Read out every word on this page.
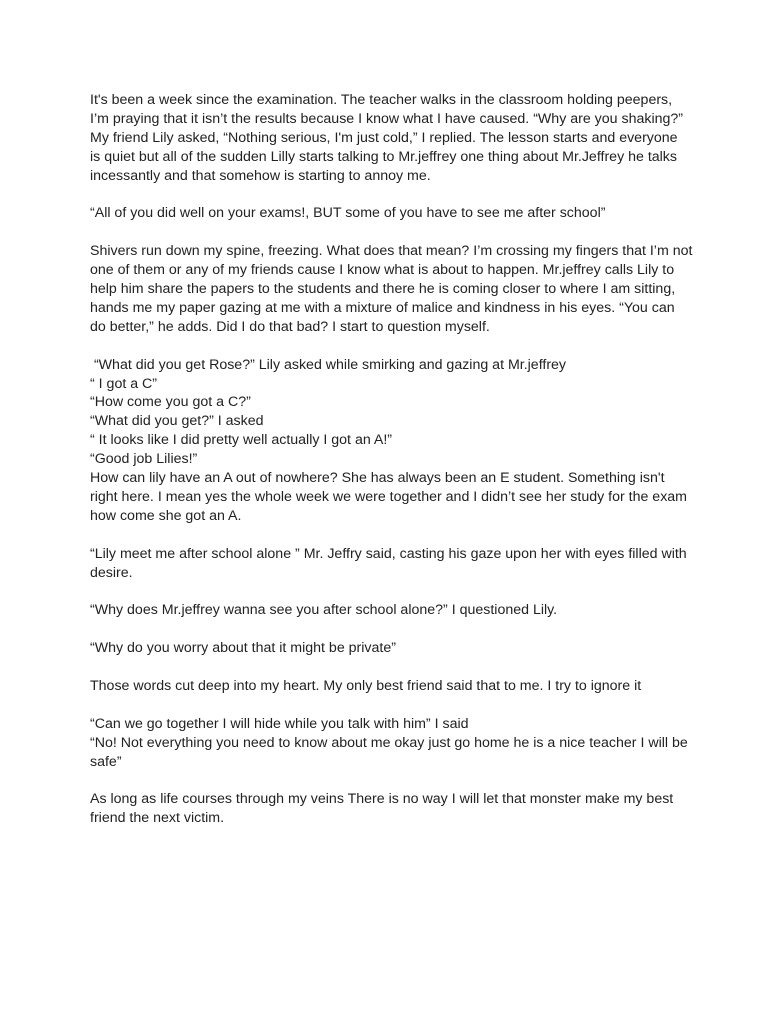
It's been a week since the examination. The teacher walks in the classroom holding peepers,
I’m praying that it isn’t the results because I know what I have caused. “Why are you shaking?”
My friend Lily asked, “Nothing serious, I'm just cold,” I replied. The lesson starts and everyone
is quiet but all of the sudden Lilly starts talking to Mr.jeffrey one thing about Mr.Jeffrey he talks
incessantly and that somehow is starting to annoy me.

“All of you did well on your exams!, BUT some of you have to see me after school”

Shivers run down my spine, freezing. What does that mean? I’m crossing my fingers that I’m not
one of them or any of my friends cause I know what is about to happen. Mr.jeffrey calls Lily to
help him share the papers to the students and there he is coming closer to where I am sitting,
hands me my paper gazing at me with a mixture of malice and kindness in his eyes. “You can
do better,” he adds. Did I do that bad? I start to question myself.

“What did you get Rose?” Lily asked while smirking and gazing at Mr.jeffrey
“ I got a C”
“How come you got a C?”
“What did you get?” I asked
“ It looks like I did pretty well actually I got an A!”
“Good job Lilies!”
How can lily have an A out of nowhere? She has always been an E student. Something isn't
right here. I mean yes the whole week we were together and I didn’t see her study for the exam
how come she got an A.

“Lily meet me after school alone ” Mr. Jeffry said, casting his gaze upon her with eyes filled with
desire.

“Why does Mr.jeffrey wanna see you after school alone?” I questioned Lily.

“Why do you worry about that it might be private”

Those words cut deep into my heart. My only best friend said that to me. I try to ignore it

“Can we go together I will hide while you talk with him” I said
“No! Not everything you need to know about me okay just go home he is a nice teacher I will be
safe”

As long as life courses through my veins There is no way I will let that monster make my best
friend the next victim.
